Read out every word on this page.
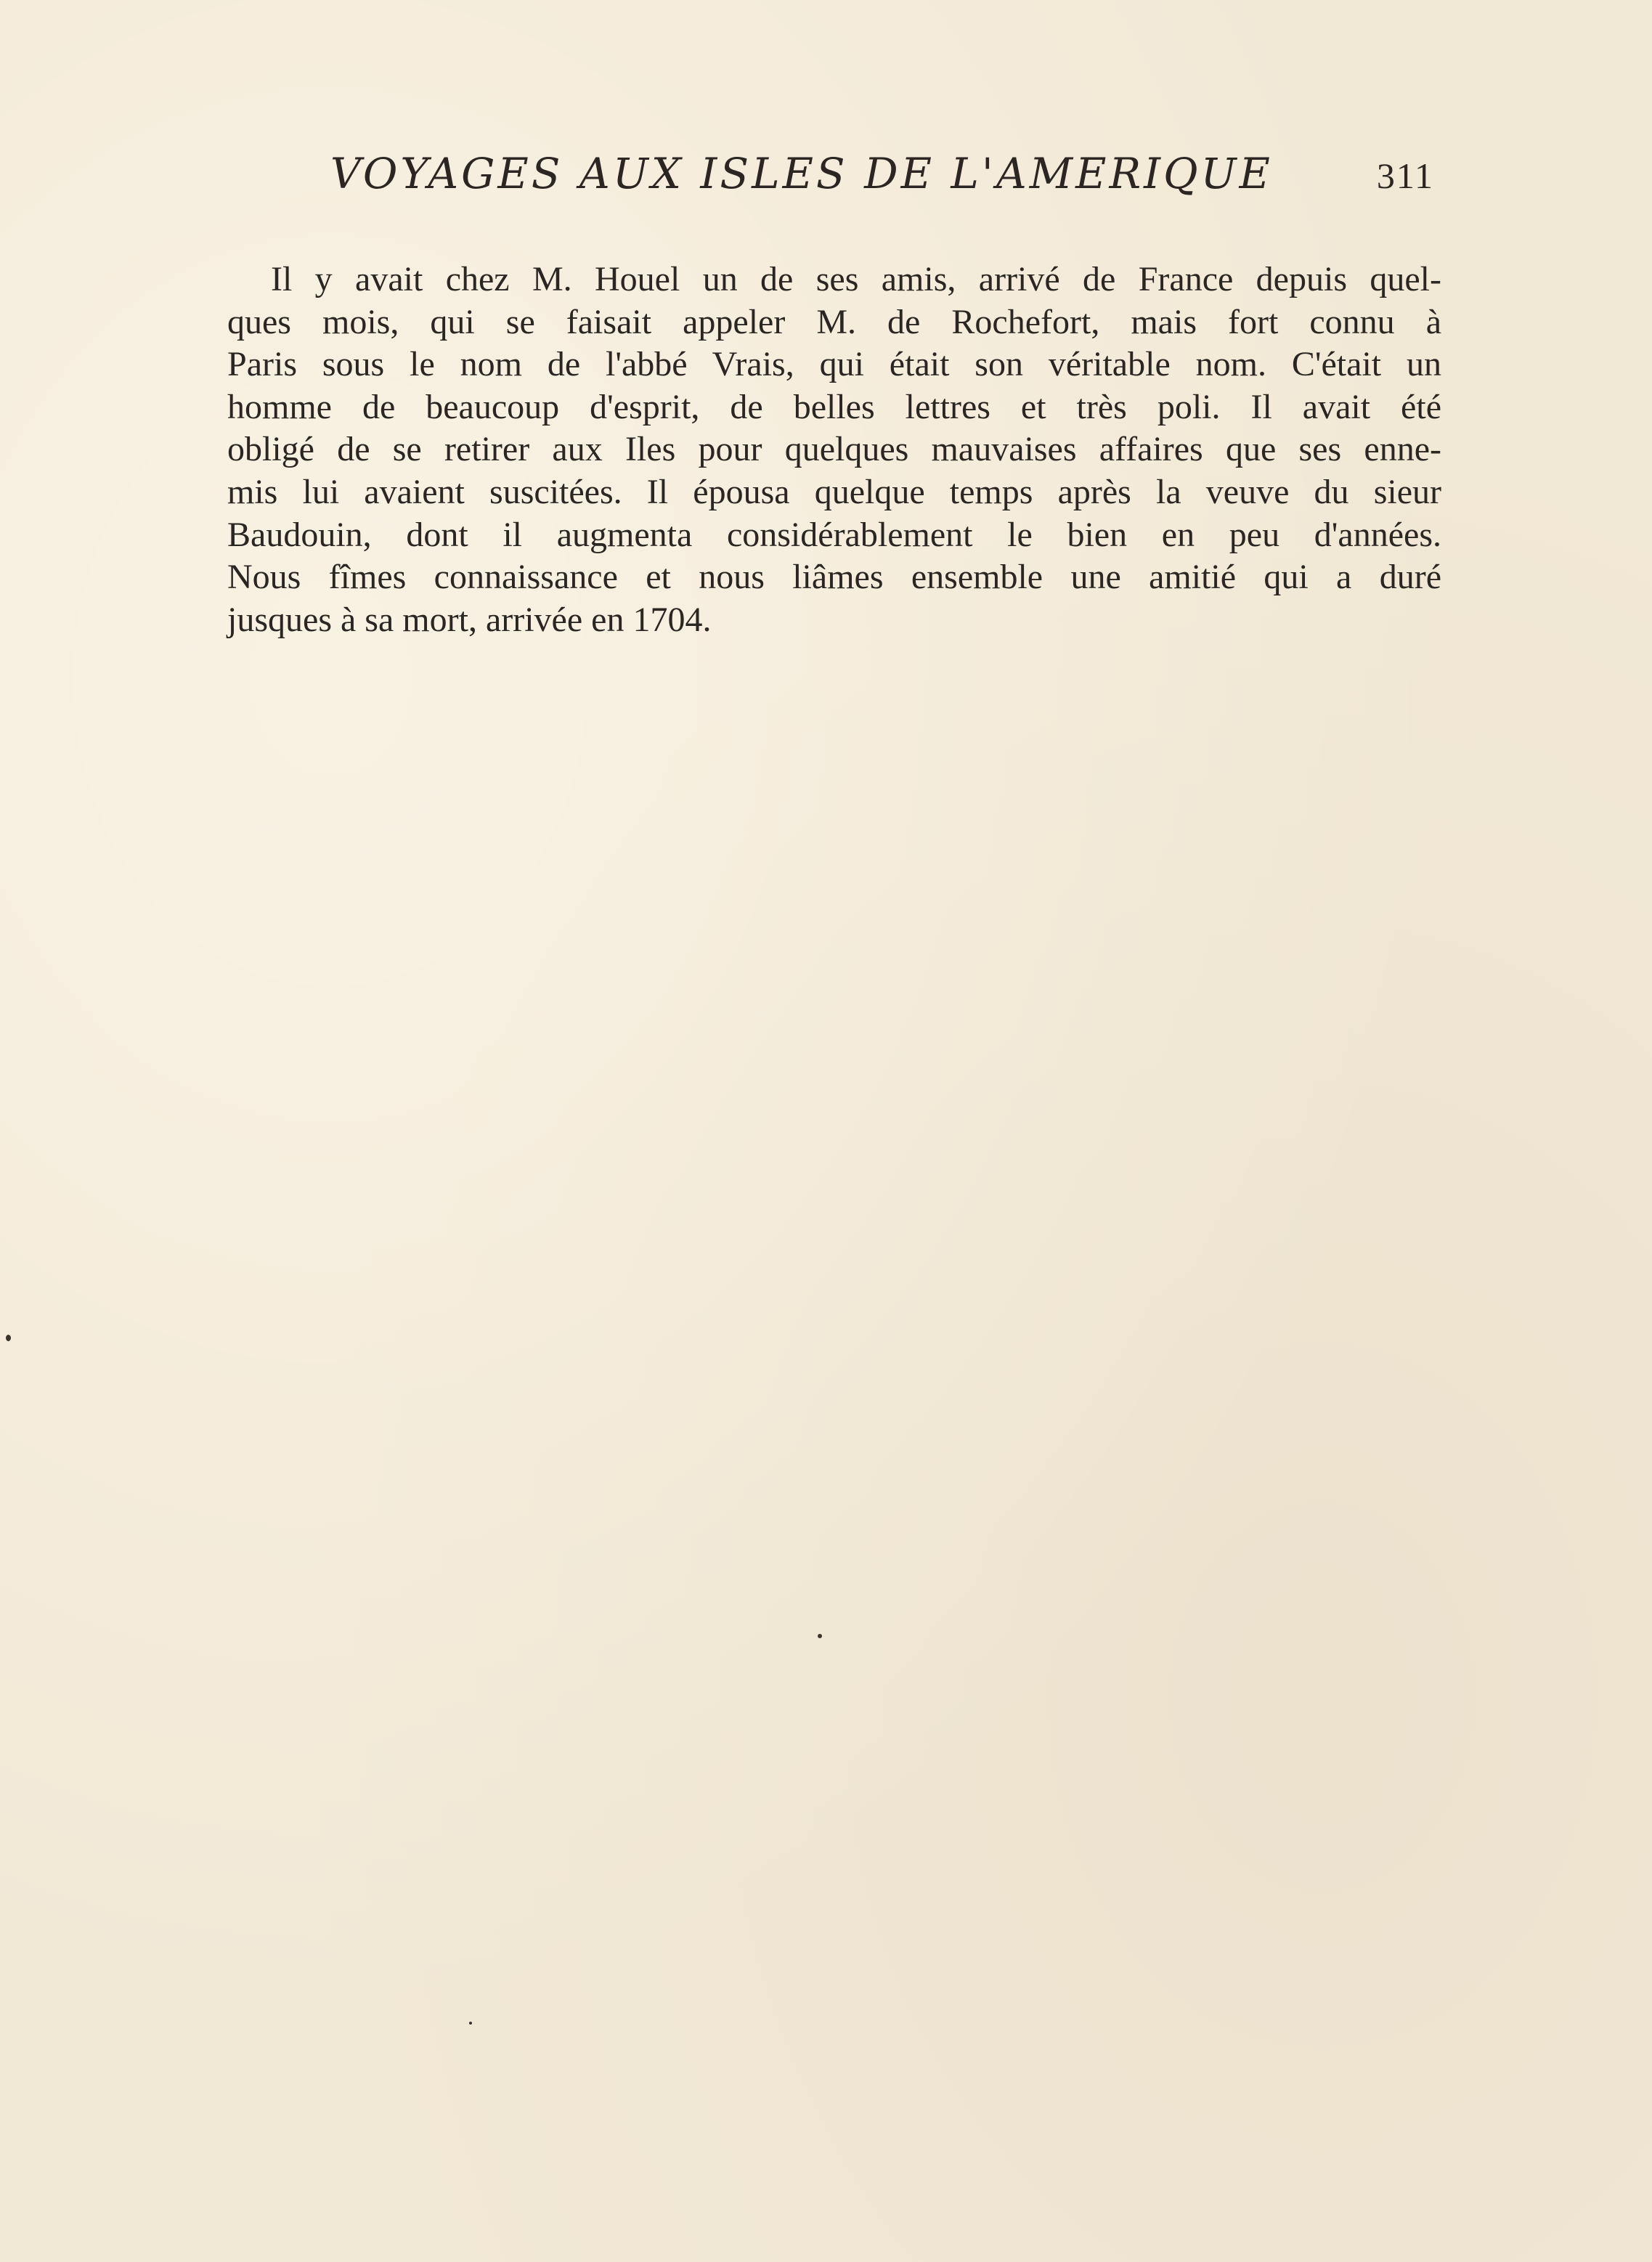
VOYAGES AUX ISLES DE L'AMERIQUE	311
Il y avait chez M. Houel un de ses amis, arrivé de France depuis quel-
ques mois, qui se faisait appeler M. de Rochefort, mais fort connu à
Paris sous le nom de l'abbé Vrais, qui était son véritable nom. C'était un
homme de beaucoup d'esprit, de belles lettres et très poli. Il avait été
obligé de se retirer aux Iles pour quelques mauvaises affaires que ses enne-
mis lui avaient suscitées. Il épousa quelque temps après la veuve du sieur
Baudouin, dont il augmenta considérablement le bien en peu d'années.
Nous fîmes connaissance et nous liâmes ensemble une amitié qui a duré
jusques à sa mort, arrivée en 1704.
